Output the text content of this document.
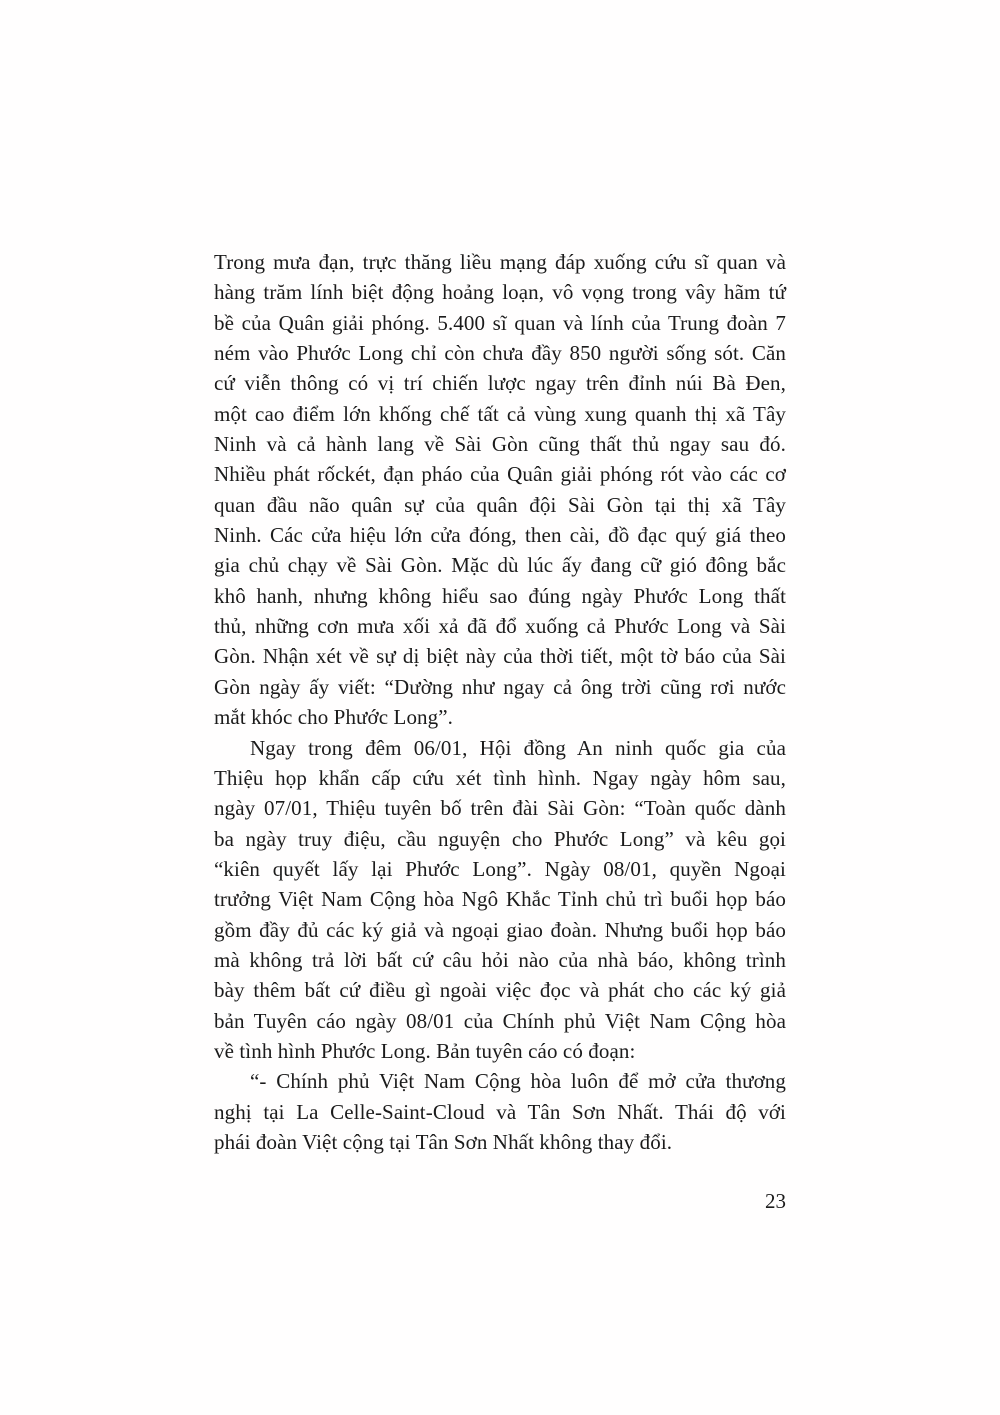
Trong mưa đạn, trực thăng liều mạng đáp xuống cứu sĩ quan và
hàng trăm lính biệt động hoảng loạn, vô vọng trong vây hãm tứ
bề của Quân giải phóng. 5.400 sĩ quan và lính của Trung đoàn 7
ném vào Phước Long chỉ còn chưa đầy 850 người sống sót. Căn
cứ viễn thông có vị trí chiến lược ngay trên đỉnh núi Bà Đen,
một cao điểm lớn khống chế tất cả vùng xung quanh thị xã Tây
Ninh và cả hành lang về Sài Gòn cũng thất thủ ngay sau đó.
Nhiều phát rốckét, đạn pháo của Quân giải phóng rót vào các cơ
quan đầu não quân sự của quân đội Sài Gòn tại thị xã Tây
Ninh. Các cửa hiệu lớn cửa đóng, then cài, đồ đạc quý giá theo
gia chủ chạy về Sài Gòn. Mặc dù lúc ấy đang cữ gió đông bắc
khô hanh, nhưng không hiểu sao đúng ngày Phước Long thất
thủ, những cơn mưa xối xả đã đổ xuống cả Phước Long và Sài
Gòn. Nhận xét về sự dị biệt này của thời tiết, một tờ báo của Sài
Gòn ngày ấy viết: “Dường như ngay cả ông trời cũng rơi nước
mắt khóc cho Phước Long”.
Ngay trong đêm 06/01, Hội đồng An ninh quốc gia của
Thiệu họp khẩn cấp cứu xét tình hình. Ngay ngày hôm sau,
ngày 07/01, Thiệu tuyên bố trên đài Sài Gòn: “Toàn quốc dành
ba ngày truy điệu, cầu nguyện cho Phước Long” và kêu gọi
“kiên quyết lấy lại Phước Long”. Ngày 08/01, quyền Ngoại
trưởng Việt Nam Cộng hòa Ngô Khắc Tỉnh chủ trì buổi họp báo
gồm đầy đủ các ký giả và ngoại giao đoàn. Nhưng buổi họp báo
mà không trả lời bất cứ câu hỏi nào của nhà báo, không trình
bày thêm bất cứ điều gì ngoài việc đọc và phát cho các ký giả
bản Tuyên cáo ngày 08/01 của Chính phủ Việt Nam Cộng hòa
về tình hình Phước Long. Bản tuyên cáo có đoạn:
“- Chính phủ Việt Nam Cộng hòa luôn để mở cửa thương
nghị tại La Celle-Saint-Cloud và Tân Sơn Nhất. Thái độ với
phái đoàn Việt cộng tại Tân Sơn Nhất không thay đổi.
23
